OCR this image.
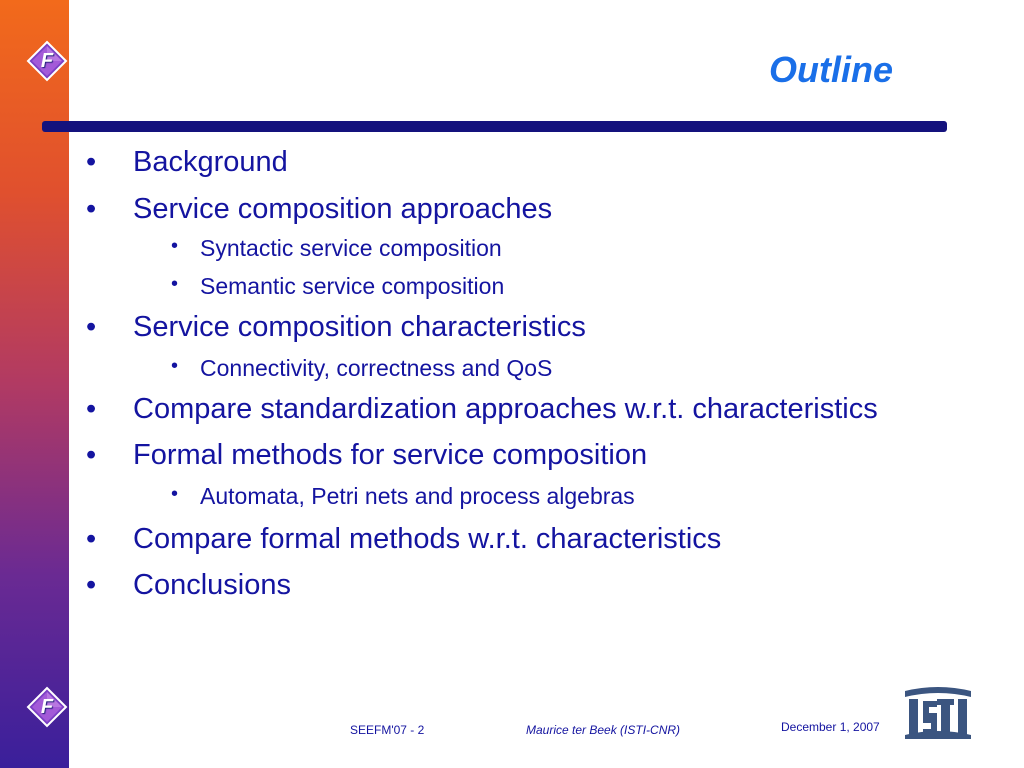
F
F
Outline
• Background
• Service composition approaches
• Syntactic service composition
• Semantic service composition
• Service composition characteristics
• Connectivity, correctness and QoS
• Compare standardization approaches w.r.t. characteristics
• Formal methods for service composition
• Automata, Petri nets and process algebras
• Compare formal methods w.r.t. characteristics
• Conclusions
SEEFM'07 - 2	Maurice ter Beek (ISTI-CNR)	December 1, 2007
